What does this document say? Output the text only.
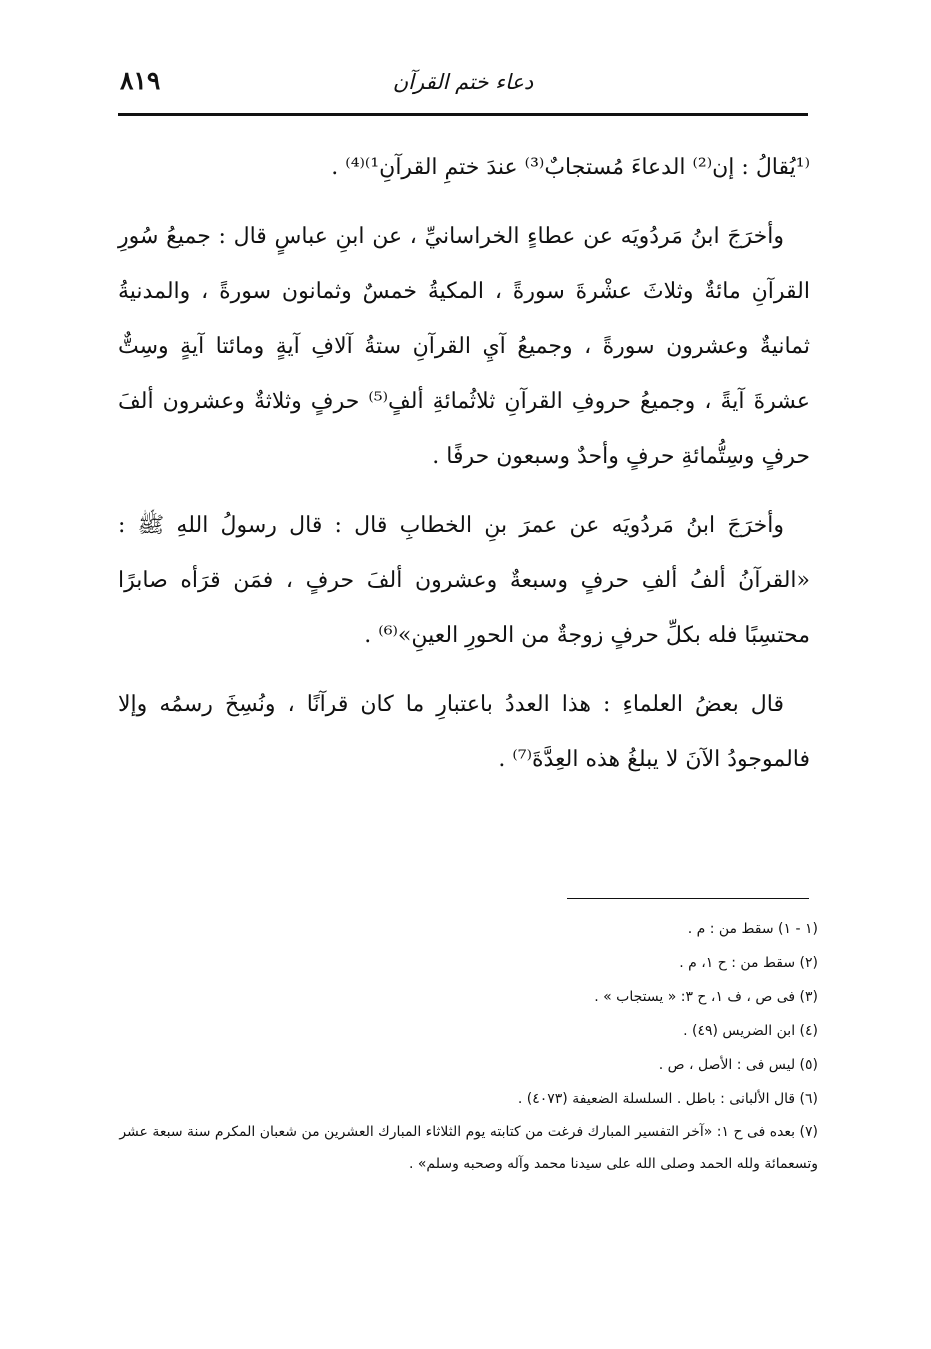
دعاء ختم القرآن
٨١٩

⁽¹يُقالُ : إن⁽²⁾ الدعاءَ مُستجابٌ⁽³⁾ عندَ ختمِ القرآنِ¹⁾⁽⁴⁾ .

وأخرَجَ ابنُ مَردُويَه عن عطاءٍ الخراسانيِّ ، عن ابنِ عباسٍ قال : جميعُ سُورِ القرآنِ مائةٌ وثلاثَ عشْرةَ سورةً ، المكيةُ خمسٌ وثمانون سورةً ، والمدنيةُ ثمانيةٌ وعشرون سورةً ، وجميعُ آيِ القرآنِ ستةُ آلافِ آيةٍ ومائتا آيةٍ وسِتٌّ عشرةَ آيةً ، وجميعُ حروفِ القرآنِ ثلاثُمائةِ ألفٍ⁽⁵⁾ حرفٍ وثلاثةٌ وعشرون ألفَ حرفٍ وسِتُّمائةِ حرفٍ وأحدٌ وسبعون حرفًا .

وأخرَجَ ابنُ مَردُويَه عن عمرَ بنِ الخطابِ قال : قال رسولُ اللهِ ﷺ : «القرآنُ ألفُ ألفِ حرفٍ وسبعةٌ وعشرون ألفَ حرفٍ ، فمَن قرَأه صابرًا محتسِبًا فله بكلِّ حرفٍ زوجةٌ من الحورِ العينِ»⁽⁶⁾ .

قال بعضُ العلماءِ : هذا العددُ باعتبارِ ما كان قرآنًا ، ونُسِخَ رسمُه وإلا فالموجودُ الآنَ لا يبلغُ هذه العِدَّةَ⁽⁷⁾ .

(١ - ١) سقط من : م .

(٢) سقط من : ح ١، م .

(٣) فى ص ، ف ١، ح ٣: « يستجاب » .

(٤) ابن الضريس (٤٩) .

(٥) ليس فى : الأصل ، ص .

(٦) قال الألبانى : باطل . السلسلة الضعيفة (٤٠٧٣) .

(٧) بعده فى ح ١: «آخر التفسير المبارك فرغت من كتابته يوم الثلاثاء المبارك العشرين من شعبان المكرم سنة سبعة عشر وتسعمائة ولله الحمد وصلى الله على سيدنا محمد وآله وصحبه وسلم» .
